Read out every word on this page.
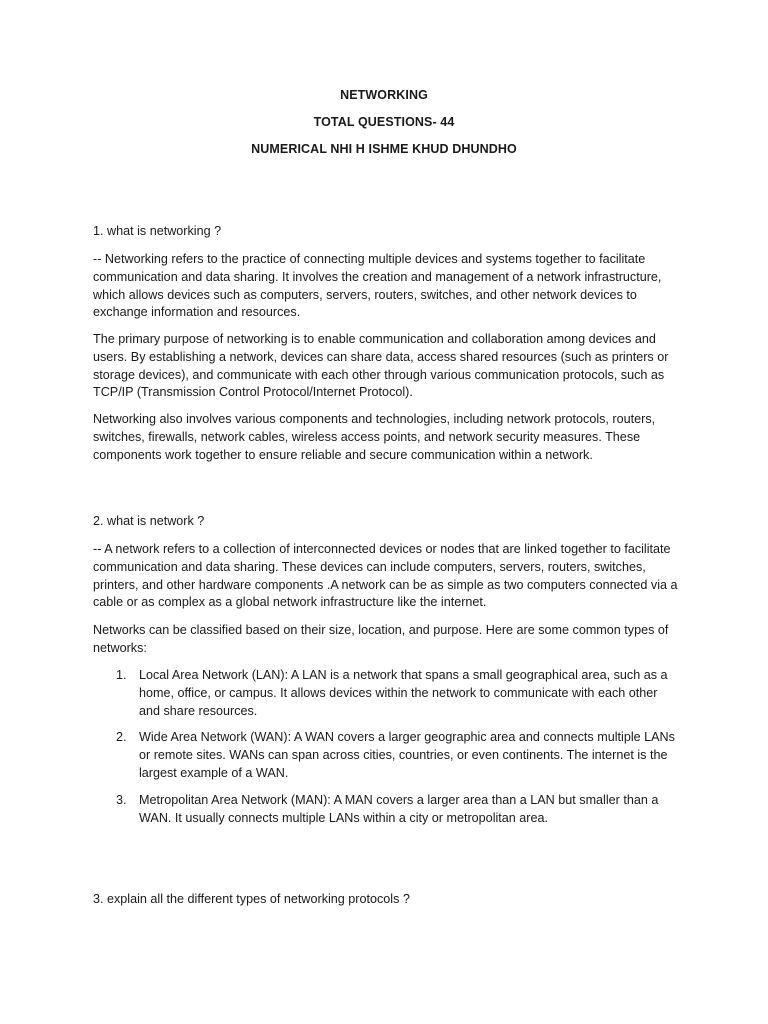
NETWORKING
TOTAL QUESTIONS- 44
NUMERICAL NHI H ISHME KHUD DHUNDHO
1. what is networking ?
-- Networking refers to the practice of connecting multiple devices and systems together to facilitate communication and data sharing. It involves the creation and management of a network infrastructure, which allows devices such as computers, servers, routers, switches, and other network devices to exchange information and resources.
The primary purpose of networking is to enable communication and collaboration among devices and users. By establishing a network, devices can share data, access shared resources (such as printers or storage devices), and communicate with each other through various communication protocols, such as TCP/IP (Transmission Control Protocol/Internet Protocol).
Networking also involves various components and technologies, including network protocols, routers, switches, firewalls, network cables, wireless access points, and network security measures. These components work together to ensure reliable and secure communication within a network.
2. what is network ?
-- A network refers to a collection of interconnected devices or nodes that are linked together to facilitate communication and data sharing. These devices can include computers, servers, routers, switches, printers, and other hardware components .A network can be as simple as two computers connected via a cable or as complex as a global network infrastructure like the internet.
Networks can be classified based on their size, location, and purpose. Here are some common types of networks:
1. Local Area Network (LAN): A LAN is a network that spans a small geographical area, such as a home, office, or campus. It allows devices within the network to communicate with each other and share resources.
2. Wide Area Network (WAN): A WAN covers a larger geographic area and connects multiple LANs or remote sites. WANs can span across cities, countries, or even continents. The internet is the largest example of a WAN.
3. Metropolitan Area Network (MAN): A MAN covers a larger area than a LAN but smaller than a WAN. It usually connects multiple LANs within a city or metropolitan area.
3. explain all the different types of networking protocols ?
